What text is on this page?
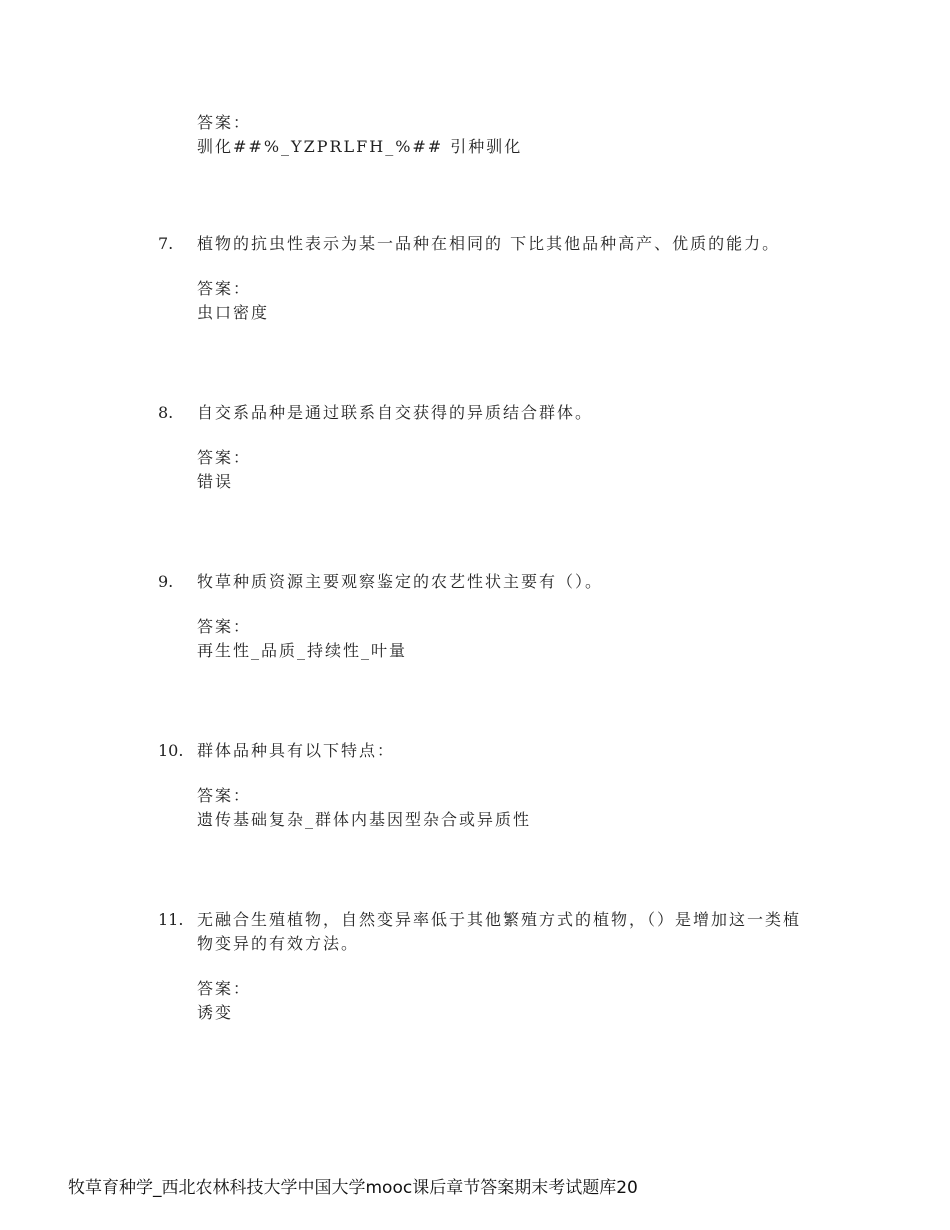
答案：
驯化##%_YZPRLFH_%## 引种驯化
7. 植物的抗虫性表示为某一品种在相同的 下比其他品种高产、优质的能力。
答案：
虫口密度
8. 自交系品种是通过联系自交获得的异质结合群体。
答案：
错误
9. 牧草种质资源主要观察鉴定的农艺性状主要有（）。
答案：
再生性_品质_持续性_叶量
10. 群体品种具有以下特点：
答案：
遗传基础复杂_群体内基因型杂合或异质性
11. 无融合生殖植物，自然变异率低于其他繁殖方式的植物，（）是增加这一类植物变异的有效方法。
答案：
诱变
牧草育种学_西北农林科技大学中国大学mooc课后章节答案期末考试题库20
